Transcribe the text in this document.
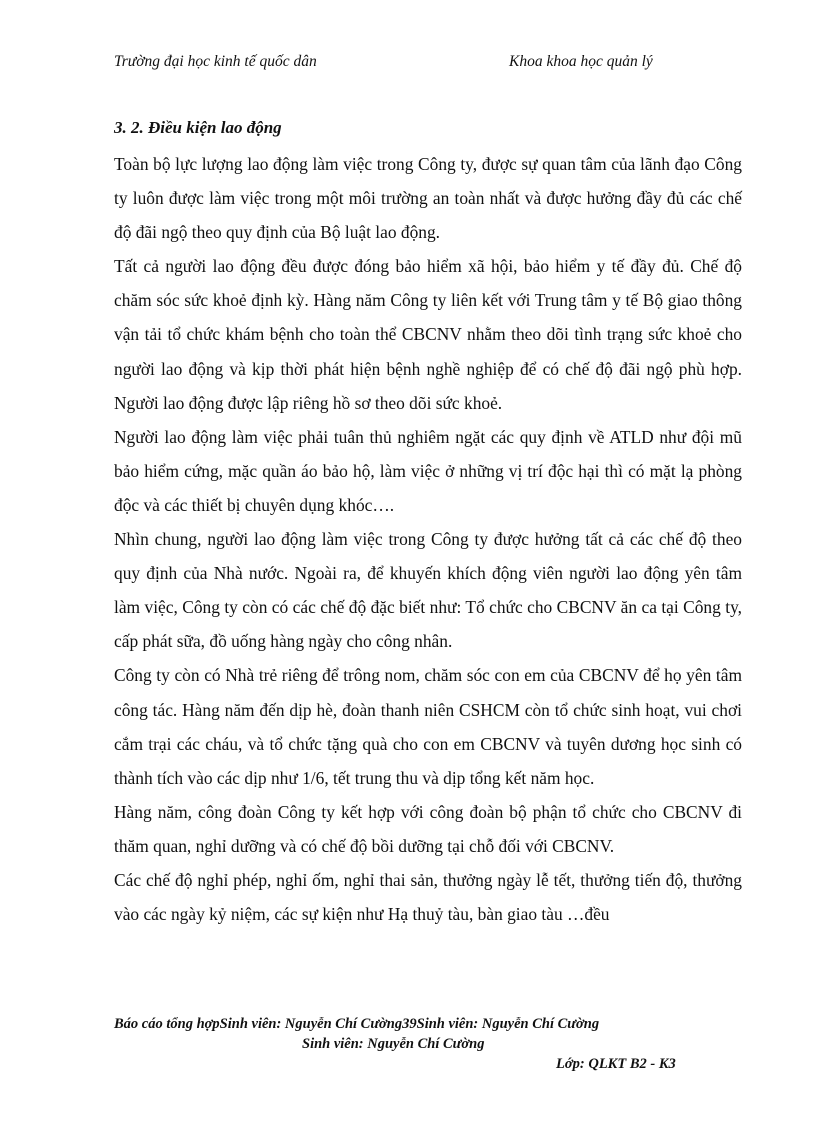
Trường đại học kinh tế quốc dân	Khoa khoa học quản lý
3. 2. Điều kiện lao động

Toàn bộ lực lượng lao động làm việc trong Công ty, được sự quan tâm của lãnh đạo Công ty luôn được làm việc trong một môi trường an toàn nhất và được hưởng đầy đủ các chế độ đãi ngộ theo quy định của Bộ luật lao động.

Tất cả người lao động đều được đóng bảo hiểm xã hội, bảo hiểm y tế đầy đủ. Chế độ chăm sóc sức khoẻ định kỳ. Hàng năm Công ty liên kết với Trung tâm y tế Bộ giao thông vận tải tổ chức khám bệnh cho toàn thể CBCNV nhằm theo dõi tình trạng sức khoẻ cho người lao động và kịp thời phát hiện bệnh nghề nghiệp để có chế độ đãi ngộ phù hợp. Người lao động được lập riêng hồ sơ theo dõi sức khoẻ.

Người lao động làm việc phải tuân thủ nghiêm ngặt các quy định về ATLD như đội mũ bảo hiểm cứng, mặc quần áo bảo hộ, làm việc ở những vị trí độc hại thì có mặt lạ phòng độc và các thiết bị chuyên dụng khóc….

Nhìn chung, người lao động làm việc trong Công ty được hưởng tất cả các chế độ theo quy định của Nhà nước. Ngoài ra, để khuyến khích động viên người lao động yên tâm làm việc, Công ty còn có các chế độ đặc biết như: Tổ chức cho CBCNV ăn ca tại Công ty, cấp phát sữa, đồ uống hàng ngày cho công nhân.

Công ty còn có Nhà trẻ riêng để trông nom, chăm sóc con em của CBCNV để họ yên tâm công tác. Hàng năm đến dịp hè, đoàn thanh niên CSHCM còn tổ chức sinh hoạt, vui chơi cắm trại các cháu, và tổ chức tặng quà cho con em CBCNV và tuyên dương học sinh có thành tích vào các dịp như 1/6, tết trung thu và dịp tổng kết năm học.

Hàng năm, công đoàn Công ty kết hợp với công đoàn bộ phận tổ chức cho CBCNV đi thăm quan, nghỉ dưỡng và có chế độ bồi dưỡng tại chỗ đối với CBCNV.

Các chế độ nghỉ phép, nghỉ ốm, nghỉ thai sản, thưởng ngày lễ tết, thưởng tiến độ, thưởng vào các ngày kỷ niệm, các sự kiện như Hạ thuỷ tàu, bàn giao tàu …đều

Báo cáo tổng hợpSinh viên: Nguyễn Chí Cường39Sinh viên: Nguyễn Chí Cường
Sinh viên: Nguyễn Chí Cường
Lớp: QLKT B2 - K3
